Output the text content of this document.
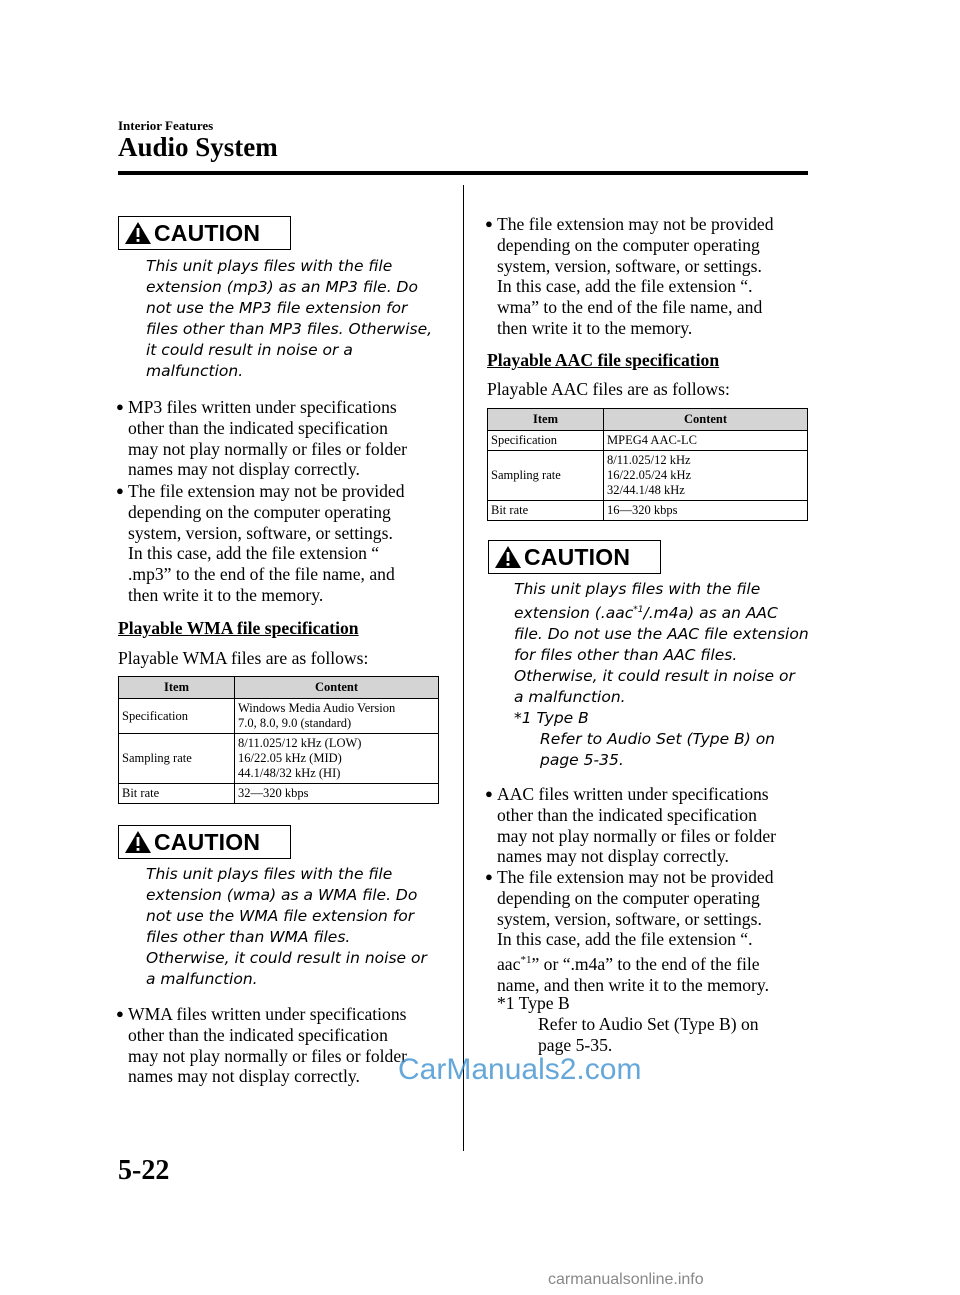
Interior Features
Audio System
CAUTION
This unit plays files with the file
extension (mp3) as an MP3 file. Do
not use the MP3 file extension for
files other than MP3 files. Otherwise,
it could result in noise or a
malfunction.
● MP3 files written under specifications
other than the indicated specification
may not play normally or files or folder
names may not display correctly.
● The file extension may not be provided
depending on the computer operating
system, version, software, or settings.
In this case, add the file extension “
.mp3” to the end of the file name, and
then write it to the memory.
Playable WMA file specification
Playable WMA files are as follows:
Item	Content
Specification	Windows Media Audio Version
7.0, 8.0, 9.0 (standard)

Sampling rate	8/11.025/12 kHz (LOW)
16/22.05 kHz (MID)
44.1/48/32 kHz (HI)

Bit rate	32—320 kbps
CAUTION
This unit plays files with the file
extension (wma) as a WMA file. Do
not use the WMA file extension for
files other than WMA files.
Otherwise, it could result in noise or
a malfunction.
● WMA files written under specifications
other than the indicated specification
may not play normally or files or folder
names may not display correctly.
● The file extension may not be provided
depending on the computer operating
system, version, software, or settings.
In this case, add the file extension “.
wma” to the end of the file name, and
then write it to the memory.
Playable AAC file specification
Playable AAC files are as follows:
Item	Content
Specification	MPEG4 AAC-LC
Sampling rate	8/11.025/12 kHz
16/22.05/24 kHz
32/44.1/48 kHz

Bit rate	16—320 kbps
CAUTION
This unit plays files with the file
extension (.aac$^{*1}$/.m4a) as an AAC
file. Do not use the AAC file extension
for files other than AAC files.
Otherwise, it could result in noise or
a malfunction.
*1 Type B
Refer to Audio Set (Type B) on
page 5-35.
● AAC files written under specifications
other than the indicated specification
may not play normally or files or folder
names may not display correctly.
● The file extension may not be provided
depending on the computer operating
system, version, software, or settings.
In this case, add the file extension “.
aac$^{*1}$” or “.m4a” to the end of the file
name, and then write it to the memory.
*1 Type B
Refer to Audio Set (Type B) on
page 5-35.
5-22
CarManuals2.com
carmanualsonline.info
